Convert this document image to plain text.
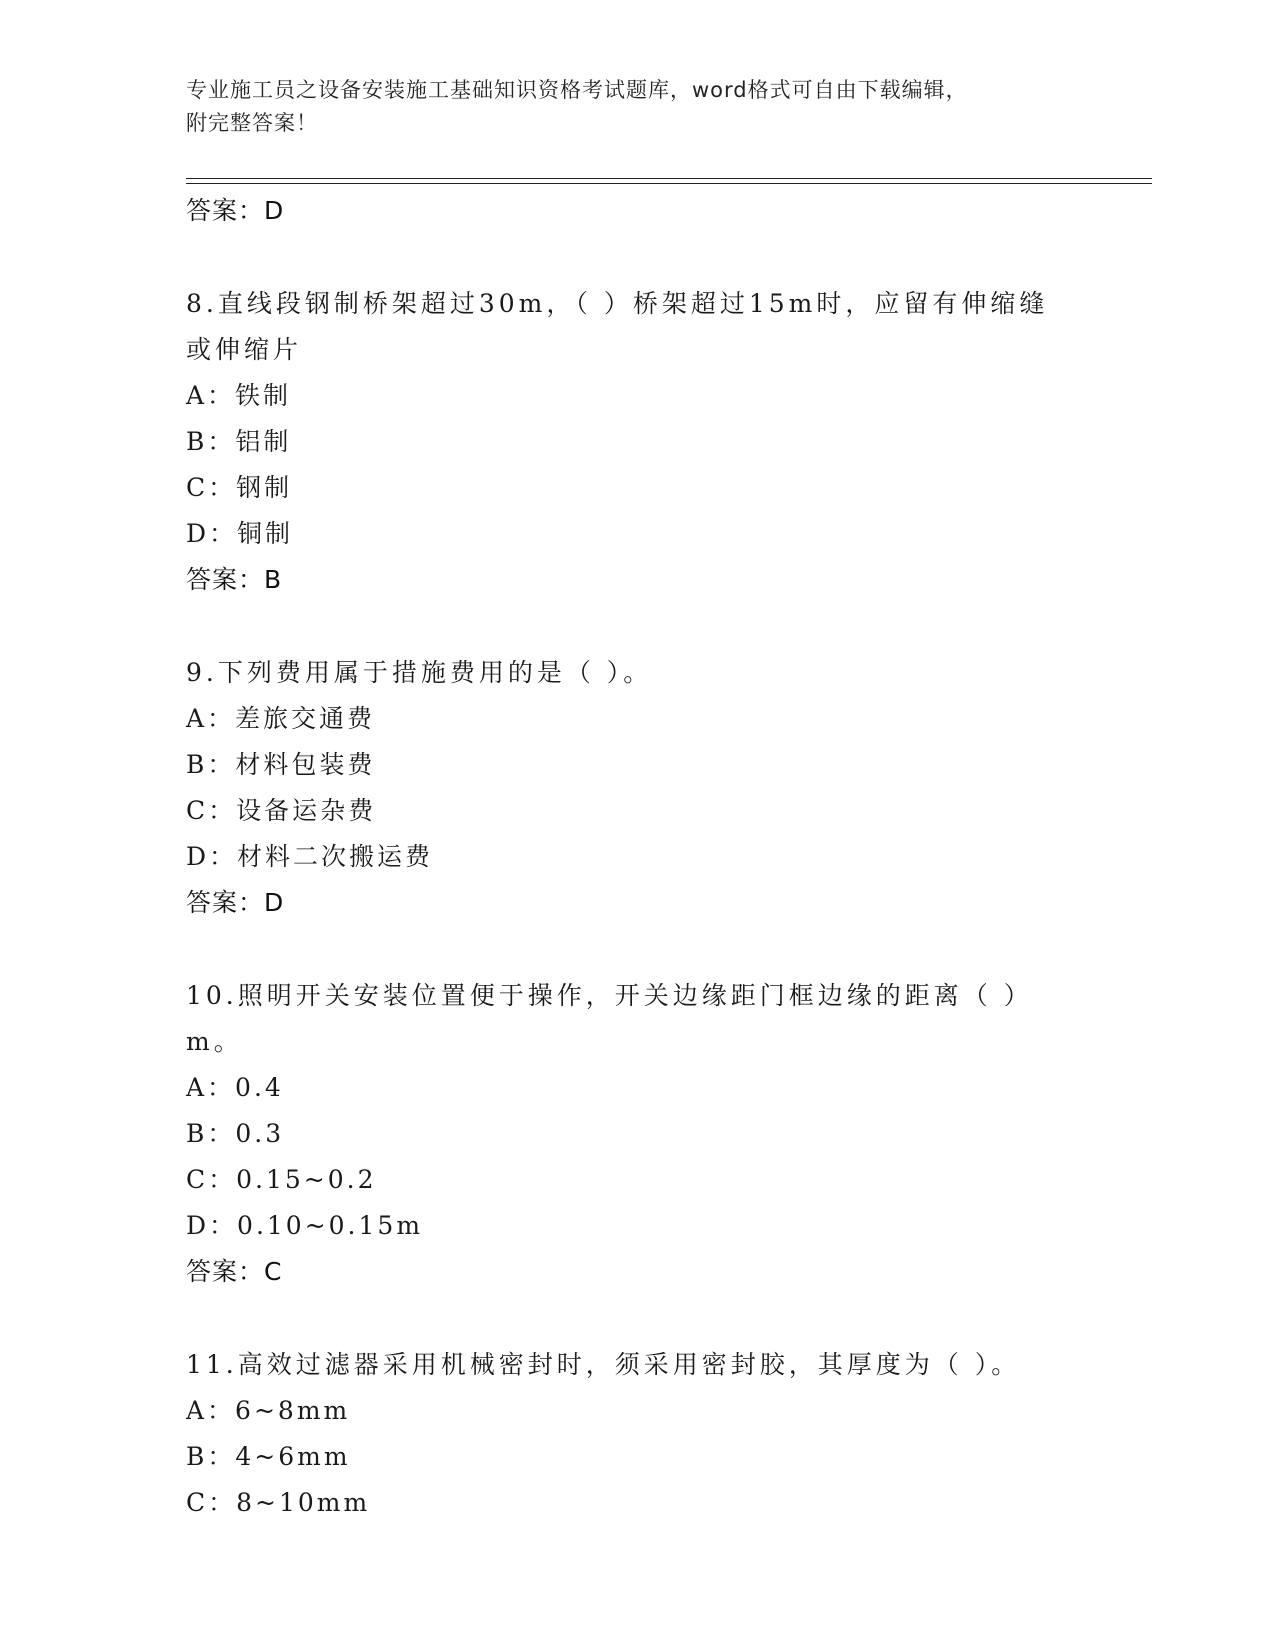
专业施工员之设备安装施工基础知识资格考试题库，word格式可自由下载编辑，
附完整答案！
答案：D
8.直线段钢制桥架超过30m，（ ）桥架超过15m时，应留有伸缩缝或伸缩片
A：铁制
B：铝制
C：钢制
D：铜制
答案：B
9.下列费用属于措施费用的是（ ）。
A：差旅交通费
B：材料包装费
C：设备运杂费
D：材料二次搬运费
答案：D
10.照明开关安装位置便于操作，开关边缘距门框边缘的距离（ ）m。
A：0.4
B：0.3
C：0.15~0.2
D：0.10~0.15m
答案：C
11.高效过滤器采用机械密封时，须采用密封胶，其厚度为（ ）。
A：6~8mm
B：4~6mm
C：8~10mm
